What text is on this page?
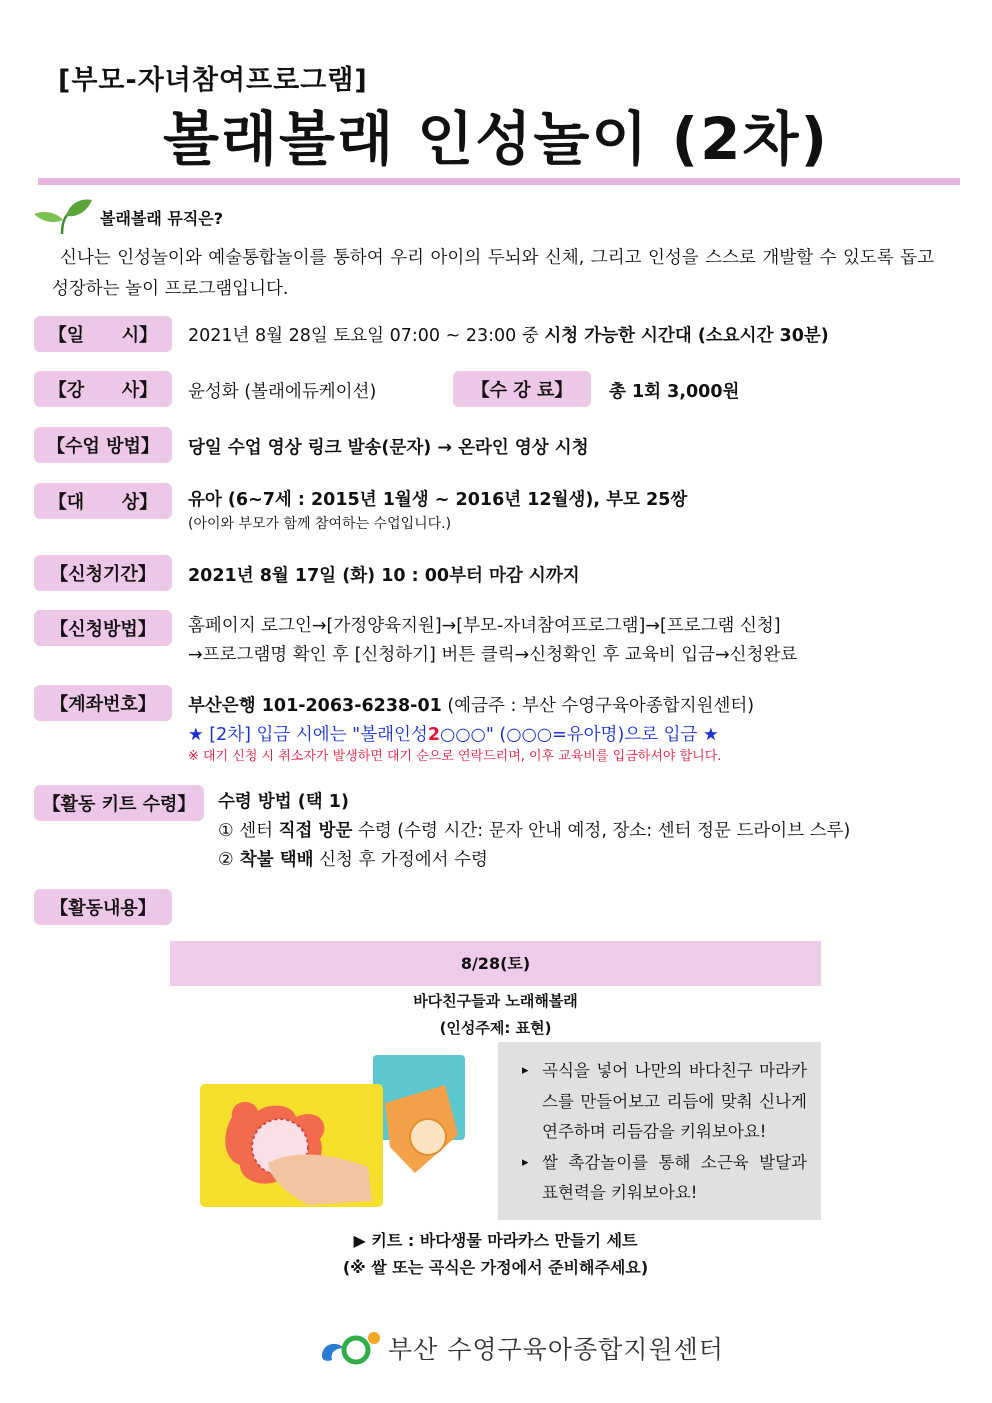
[부모-자녀참여프로그램]
볼래볼래 인성놀이 (2차)
볼래볼래 뮤직은?
신나는 인성놀이와 예술통합놀이를 통하여 우리 아이의 두뇌와 신체, 그리고 인성을 스스로 개발할 수 있도록 돕고 성장하는 놀이 프로그램입니다.
【일      시】	2021년 8월 28일 토요일 07:00 ~ 23:00 중 시청 가능한 시간대 (소요시간 30분)
【강      사】	윤성화 (볼래에듀케이션)	【수 강 료】	총 1회 3,000원
【수업 방법】	당일 수업 영상 링크 발송(문자) → 온라인 영상 시청
【대      상】	유아 (6~7세 : 2015년 1월생 ~ 2016년 12월생), 부모 25쌍
(아이와 부모가 함께 참여하는 수업입니다.)
【신청기간】	2021년 8월 17일 (화) 10 : 00부터 마감 시까지
【신청방법】	홈페이지 로그인→[가정양육지원]→[부모-자녀참여프로그램]→[프로그램 신청]
→프로그램명 확인 후 [신청하기] 버튼 클릭→신청확인 후 교육비 입금→신청완료
【계좌번호】	부산은행 101-2063-6238-01 (예금주 : 부산 수영구육아종합지원센터)
★ [2차] 입금 시에는 "볼래인성2○○○" (○○○=유아명)으로 입금 ★
※ 대기 신청 시 취소자가 발생하면 대기 순으로 연락드리며, 이후 교육비를 입금하셔야 합니다.
【활동 키트 수령】	수령 방법 (택 1)
① 센터 직접 방문 수령 (수령 시간: 문자 안내 예정, 장소: 센터 정문 드라이브 스루)
② 착불 택배 신청 후 가정에서 수령
【활동내용】
8/28(토)
바다친구들과 노래해볼래
(인성주제: 표현)
▸ 곡식을 넣어 나만의 바다친구 마라카스를 만들어보고 리듬에 맞춰 신나게 연주하며 리듬감을 키워보아요!
▸ 쌀 촉감놀이를 통해 소근육 발달과 표현력을 키워보아요!
▶ 키트 : 바다생물 마라카스 만들기 세트
(※ 쌀 또는 곡식은 가정에서 준비해주세요)
부산 수영구육아종합지원센터
